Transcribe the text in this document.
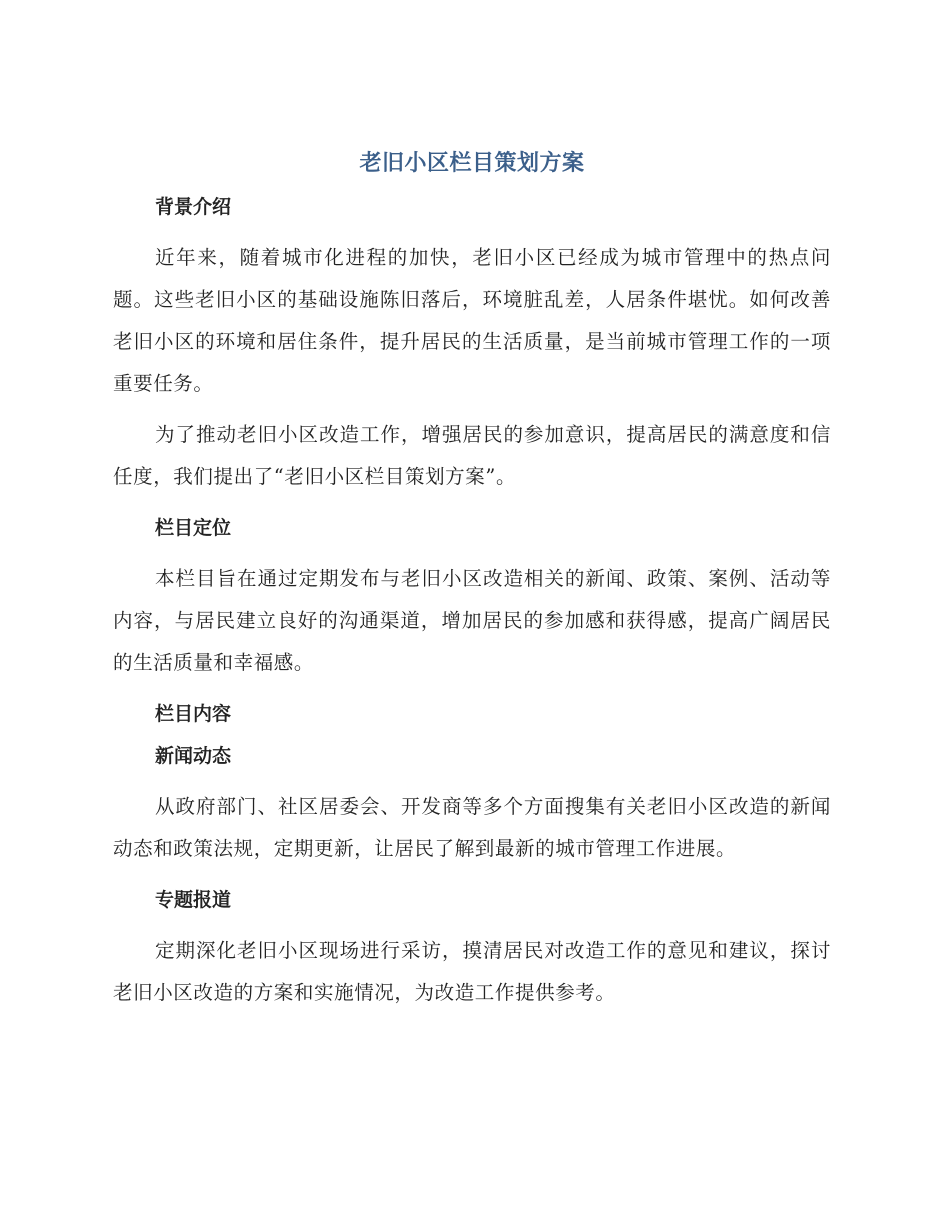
老旧小区栏目策划方案
背景介绍

近年来，随着城市化进程的加快，老旧小区已经成为城市管理中的热点问题。这些老旧小区的基础设施陈旧落后，环境脏乱差，人居条件堪忧。如何改善老旧小区的环境和居住条件，提升居民的生活质量，是当前城市管理工作的一项重要任务。

为了推动老旧小区改造工作，增强居民的参加意识，提高居民的满意度和信任度，我们提出了“老旧小区栏目策划方案”。

栏目定位

本栏目旨在通过定期发布与老旧小区改造相关的新闻、政策、案例、活动等内容，与居民建立良好的沟通渠道，增加居民的参加感和获得感，提高广阔居民的生活质量和幸福感。

栏目内容
新闻动态

从政府部门、社区居委会、开发商等多个方面搜集有关老旧小区改造的新闻动态和政策法规，定期更新，让居民了解到最新的城市管理工作进展。

专题报道

定期深化老旧小区现场进行采访，摸清居民对改造工作的意见和建议，探讨老旧小区改造的方案和实施情况，为改造工作提供参考。
